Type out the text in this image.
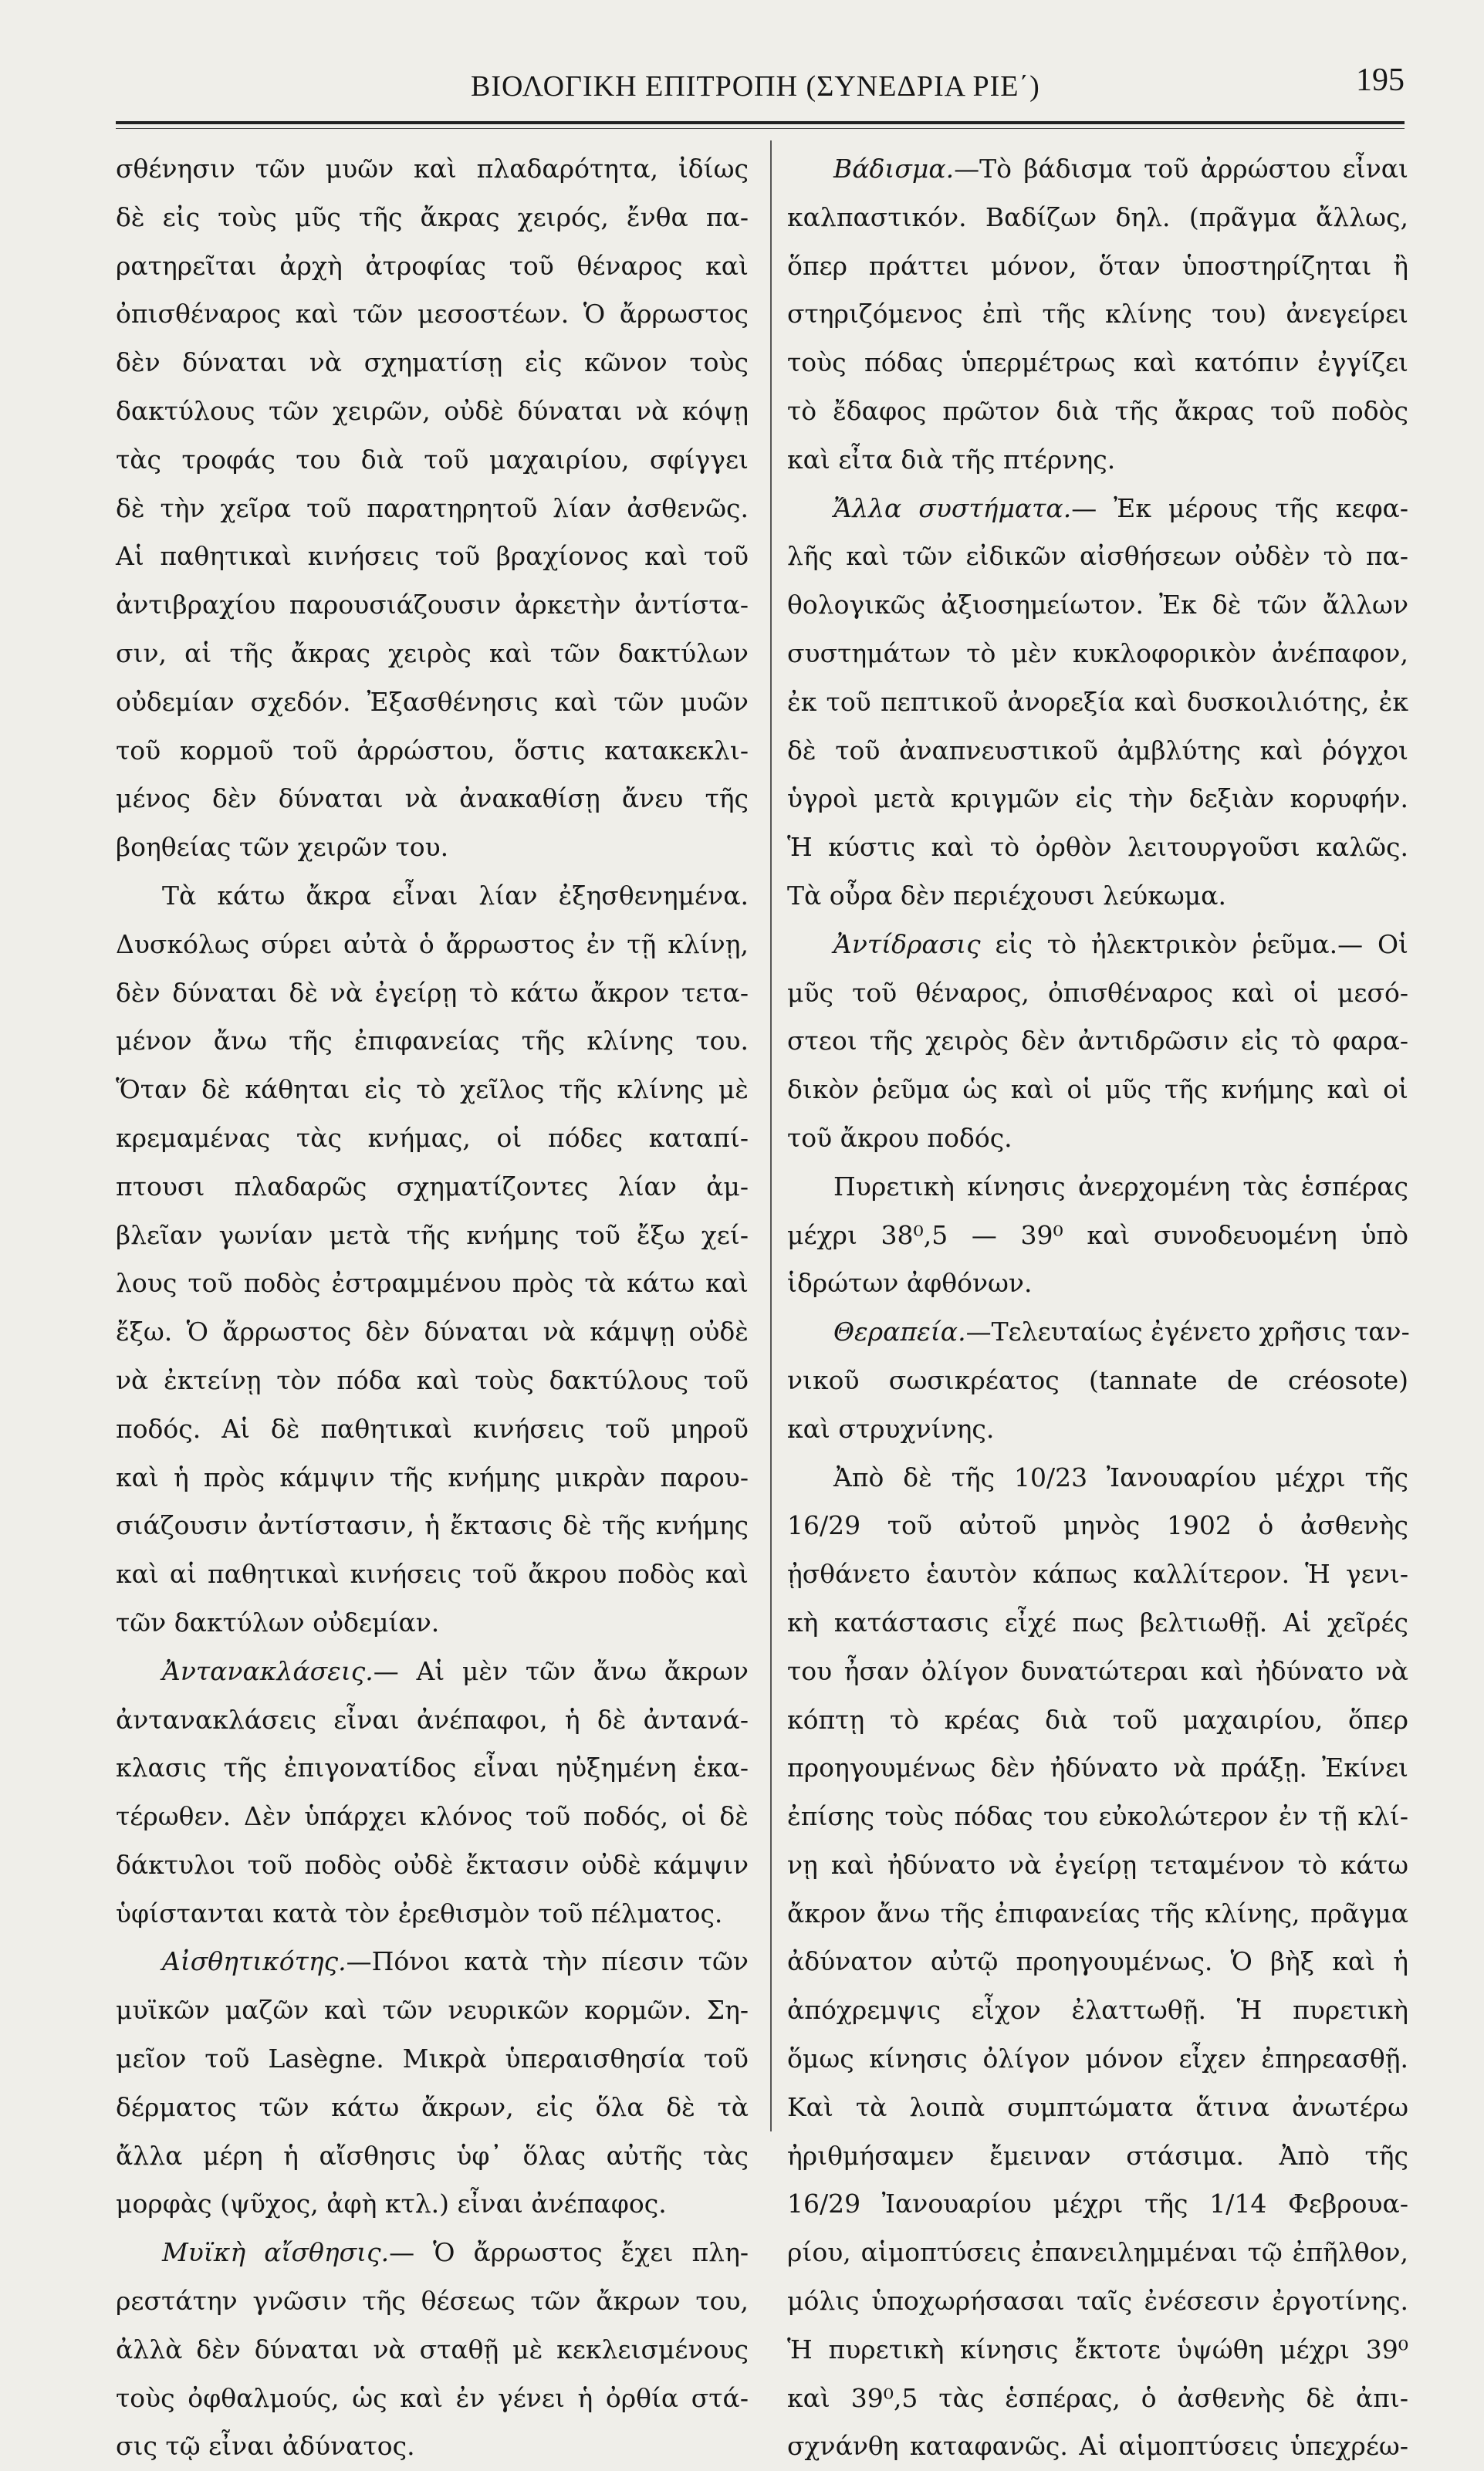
ΒΙΟΛΟΓΙΚΗ ΕΠΙΤΡΟΠΗ (ΣΥΝΕΔΡΙΑ ΡΙΕ΄)	195
σθένησιν τῶν μυῶν καὶ πλαδαρότητα, ἰδίως
δὲ εἰς τοὺς μῦς τῆς ἄκρας χειρός, ἔνθα πα-
ρατηρεῖται ἀρχὴ ἀτροφίας τοῦ θέναρος καὶ
ὀπισθέναρος καὶ τῶν μεσοστέων. Ὁ ἄρρωστος
δὲν δύναται νὰ σχηματίσῃ εἰς κῶνον τοὺς
δακτύλους τῶν χειρῶν, οὐδὲ δύναται νὰ κόψῃ
τὰς τροφάς του διὰ τοῦ μαχαιρίου, σφίγγει
δὲ τὴν χεῖρα τοῦ παρατηρητοῦ λίαν ἀσθενῶς.
Αἱ παθητικαὶ κινήσεις τοῦ βραχίονος καὶ τοῦ
ἀντιβραχίου παρουσιάζουσιν ἀρκετὴν ἀντίστα-
σιν, αἱ τῆς ἄκρας χειρὸς καὶ τῶν δακτύλων
οὐδεμίαν σχεδόν. Ἐξασθένησις καὶ τῶν μυῶν
τοῦ κορμοῦ τοῦ ἀρρώστου, ὅστις κατακεκλι-
μένος δὲν δύναται νὰ ἀνακαθίσῃ ἄνευ τῆς
βοηθείας τῶν χειρῶν του.
Τὰ κάτω ἄκρα εἶναι λίαν ἐξησθενημένα.
Δυσκόλως σύρει αὐτὰ ὁ ἄρρωστος ἐν τῇ κλίνῃ,
δὲν δύναται δὲ νὰ ἐγείρῃ τὸ κάτω ἄκρον τετα-
μένον ἄνω τῆς ἐπιφανείας τῆς κλίνης του.
Ὅταν δὲ κάθηται εἰς τὸ χεῖλος τῆς κλίνης μὲ
κρεμαμένας τὰς κνήμας, οἱ πόδες καταπί-
πτουσι πλαδαρῶς σχηματίζοντες λίαν ἀμ-
βλεῖαν γωνίαν μετὰ τῆς κνήμης τοῦ ἔξω χεί-
λους τοῦ ποδὸς ἐστραμμένου πρὸς τὰ κάτω καὶ
ἔξω. Ὁ ἄρρωστος δὲν δύναται νὰ κάμψῃ οὐδὲ
νὰ ἐκτείνῃ τὸν πόδα καὶ τοὺς δακτύλους τοῦ
ποδός. Αἱ δὲ παθητικαὶ κινήσεις τοῦ μηροῦ
καὶ ἡ πρὸς κάμψιν τῆς κνήμης μικρὰν παρου-
σιάζουσιν ἀντίστασιν, ἡ ἔκτασις δὲ τῆς κνήμης
καὶ αἱ παθητικαὶ κινήσεις τοῦ ἄκρου ποδὸς καὶ
τῶν δακτύλων οὐδεμίαν.
Ἀντανακλάσεις.— Αἱ μὲν τῶν ἄνω ἄκρων
ἀντανακλάσεις εἶναι ἀνέπαφοι, ἡ δὲ ἀντανά-
κλασις τῆς ἐπιγονατίδος εἶναι ηὐξημένη ἑκα-
τέρωθεν. Δὲν ὑπάρχει κλόνος τοῦ ποδός, οἱ δὲ
δάκτυλοι τοῦ ποδὸς οὐδὲ ἔκτασιν οὐδὲ κάμψιν
ὑφίστανται κατὰ τὸν ἐρεθισμὸν τοῦ πέλματος.
Αἰσθητικότης.—Πόνοι κατὰ τὴν πίεσιν τῶν
μυϊκῶν μαζῶν καὶ τῶν νευρικῶν κορμῶν. Ση-
μεῖον τοῦ Lasègne. Μικρὰ ὑπεραισθησία τοῦ
δέρματος τῶν κάτω ἄκρων, εἰς ὅλα δὲ τὰ
ἄλλα μέρη ἡ αἴσθησις ὑφ᾽ ὅλας αὐτῆς τὰς
μορφὰς (ψῦχος, ἀφὴ κτλ.) εἶναι ἀνέπαφος.
Μυϊκὴ αἴσθησις.— Ὁ ἄρρωστος ἔχει πλη-
ρεστάτην γνῶσιν τῆς θέσεως τῶν ἄκρων του,
ἀλλὰ δὲν δύναται νὰ σταθῇ μὲ κεκλεισμένους
τοὺς ὀφθαλμούς, ὡς καὶ ἐν γένει ἡ ὀρθία στά-
σις τῷ εἶναι ἀδύνατος.
Βάδισμα.—Τὸ βάδισμα τοῦ ἀρρώστου εἶναι
καλπαστικόν. Βαδίζων δηλ. (πρᾶγμα ἄλλως,
ὅπερ πράττει μόνον, ὅταν ὑποστηρίζηται ἢ
στηριζόμενος ἐπὶ τῆς κλίνης του) ἀνεγείρει
τοὺς πόδας ὑπερμέτρως καὶ κατόπιν ἐγγίζει
τὸ ἔδαφος πρῶτον διὰ τῆς ἄκρας τοῦ ποδὸς
καὶ εἶτα διὰ τῆς πτέρνης.
Ἄλλα συστήματα.— Ἐκ μέρους τῆς κεφα-
λῆς καὶ τῶν εἰδικῶν αἰσθήσεων οὐδὲν τὸ πα-
θολογικῶς ἀξιοσημείωτον. Ἐκ δὲ τῶν ἄλλων
συστημάτων τὸ μὲν κυκλοφορικὸν ἀνέπαφον,
ἐκ τοῦ πεπτικοῦ ἀνορεξία καὶ δυσκοιλιότης, ἐκ
δὲ τοῦ ἀναπνευστικοῦ ἀμβλύτης καὶ ῥόγχοι
ὑγροὶ μετὰ κριγμῶν εἰς τὴν δεξιὰν κορυφήν.
Ἡ κύστις καὶ τὸ ὀρθὸν λειτουργοῦσι καλῶς.
Τὰ οὖρα δὲν περιέχουσι λεύκωμα.
Ἀντίδρασις εἰς τὸ ἠλεκτρικὸν ῥεῦμα.— Οἱ
μῦς τοῦ θέναρος, ὀπισθέναρος καὶ οἱ μεσό-
στεοι τῆς χειρὸς δὲν ἀντιδρῶσιν εἰς τὸ φαρα-
δικὸν ῥεῦμα ὡς καὶ οἱ μῦς τῆς κνήμης καὶ οἱ
τοῦ ἄκρου ποδός.
Πυρετικὴ κίνησις ἀνερχομένη τὰς ἑσπέρας
μέχρι 38⁰,5 — 39⁰ καὶ συνοδευομένη ὑπὸ
ἱδρώτων ἀφθόνων.
Θεραπεία.—Τελευταίως ἐγένετο χρῆσις ταν-
νικοῦ σωσικρέατος (tannate de créosote)
καὶ στρυχνίνης.
Ἀπὸ δὲ τῆς 10/23 Ἰανουαρίου μέχρι τῆς
16/29 τοῦ αὐτοῦ μηνὸς 1902 ὁ ἀσθενὴς
ᾐσθάνετο ἑαυτὸν κάπως καλλίτερον. Ἡ γενι-
κὴ κατάστασις εἶχέ πως βελτιωθῇ. Αἱ χεῖρές
του ἦσαν ὀλίγον δυνατώτεραι καὶ ἠδύνατο νὰ
κόπτῃ τὸ κρέας διὰ τοῦ μαχαιρίου, ὅπερ
προηγουμένως δὲν ἠδύνατο νὰ πράξῃ. Ἐκίνει
ἐπίσης τοὺς πόδας του εὐκολώτερον ἐν τῇ κλί-
νῃ καὶ ἠδύνατο νὰ ἐγείρῃ τεταμένον τὸ κάτω
ἄκρον ἄνω τῆς ἐπιφανείας τῆς κλίνης, πρᾶγμα
ἀδύνατον αὐτῷ προηγουμένως. Ὁ βὴξ καὶ ἡ
ἀπόχρεμψις εἶχον ἐλαττωθῇ. Ἡ πυρετικὴ
ὅμως κίνησις ὀλίγον μόνον εἶχεν ἐπηρεασθῇ.
Καὶ τὰ λοιπὰ συμπτώματα ἅτινα ἀνωτέρω
ἠριθμήσαμεν ἔμειναν στάσιμα. Ἀπὸ τῆς
16/29 Ἰανουαρίου μέχρι τῆς 1/14 Φεβρουα-
ρίου, αἱμοπτύσεις ἐπανειλημμέναι τῷ ἐπῆλθον,
μόλις ὑποχωρήσασαι ταῖς ἐνέσεσιν ἐργοτίνης.
Ἡ πυρετικὴ κίνησις ἔκτοτε ὑψώθη μέχρι 39⁰
καὶ 39⁰,5 τὰς ἑσπέρας, ὁ ἀσθενὴς δὲ ἀπι-
σχνάνθη καταφανῶς. Αἱ αἱμοπτύσεις ὑπεχρέω-
